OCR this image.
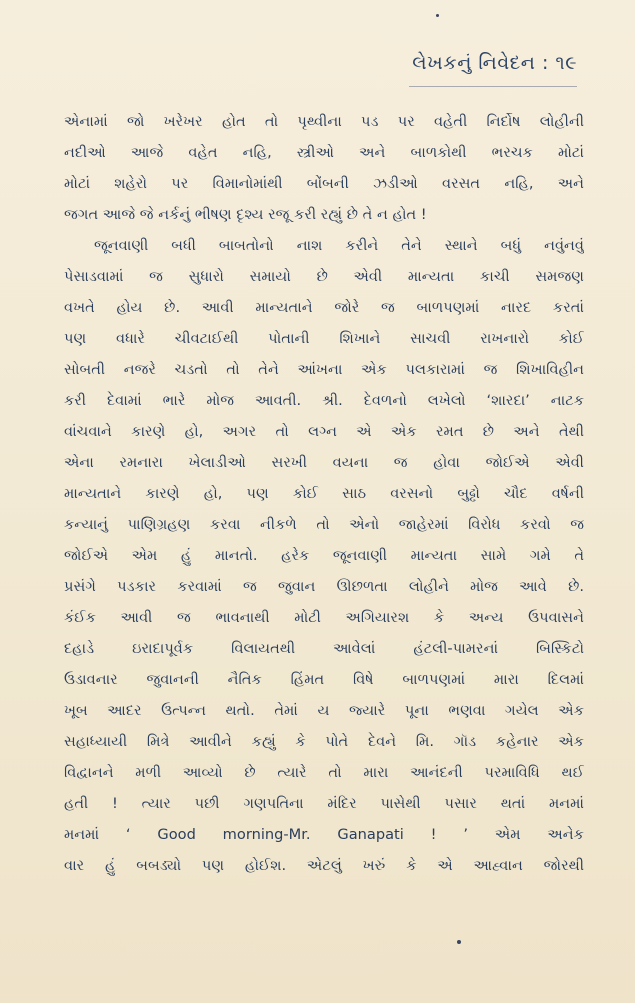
લેખકનું નિવેદન : ૧૯
એનામાં જો ખરેખર હોત તો પૃથ્વીના પડ પર વહેતી નિર્દોષ લોહીની
નદીઓ આજે વહેત નહિ, સ્ત્રીઓ અને બાળકોથી ભરચક મોટાં
મોટાં શહેરો પર વિમાનોમાંથી બોંબની ઝડીઓ વરસત નહિ, અને
જગત આજે જે નર્કનું ભીષણ દૃશ્ય રજૂ કરી રહ્યું છે તે ન હોત !
જૂનવાણી બધી બાબતોનો નાશ કરીને તેને સ્થાને બધું નવુંનવું
પેસાડવામાં જ સુધારો સમાયો છે એવી માન્યતા કાચી સમજણ
વખતે હોય છે. આવી માન્યતાને જોરે જ બાળપણમાં નારદ કરતાં
પણ વધારે ચીવટાઈથી પોતાની શિખાને સાચવી રાખનારો કોઈ
સોબતી નજરે ચડતો તો તેને આંખના એક પલકારામાં જ શિખાવિહીન
કરી દેવામાં ભારે મોજ આવતી. શ્રી. દેવળનો લખેલો ‘શારદા’ નાટક
વાંચવાને કારણે હો, અગર તો લગ્ન એ એક રમત છે અને તેથી
એના રમનારા ખેલાડીઓ સરખી વયના જ હોવા જોઈએ એવી
માન્યતાને કારણે હો, પણ કોઈ સાઠ વરસનો બુઢ્ઢો ચૌદ વર્ષની
કન્યાનું પાણિગ્રહણ કરવા નીકળે તો એનો જાહેરમાં વિરોધ કરવો જ
જોઈએ એમ હું માનતો. હરેક જૂનવાણી માન્યતા સામે ગમે તે
પ્રસંગે પડકાર કરવામાં જ જુવાન ઊછળતા લોહીને મોજ આવે છે.
કંઈક આવી જ ભાવનાથી મોટી અગિયારશ કે અન્ય ઉપવાસને
દહાડે ઇરાદાપૂર્વક વિલાયતથી આવેલાં હંટલી-પામરનાં બિસ્કિટો
ઉડાવનાર જુવાનની નૈતિક હિંમત વિષે બાળપણમાં મારા દિલમાં
ખૂબ આદર ઉત્પન્ન થતો. તેમાં ય જ્યારે પૂના ભણવા ગયેલ એક
સહાધ્યાયી મિત્રે આવીને કહ્યું કે પોતે દેવને મિ. ગૉડ કહેનાર એક
વિદ્વાનને મળી આવ્યો છે ત્યારે તો મારા આનંદની પરમાવિધિ થઈ
હતી ! ત્યાર પછી ગણપતિના મંદિર પાસેથી પસાર થતાં મનમાં
મનમાં ‘ Good morning-Mr. Ganapati ! ’ એમ અનેક
વાર હું બબડ્યો પણ હોઈશ. એટલું ખરું કે એ આહ્વાન જોરથી
